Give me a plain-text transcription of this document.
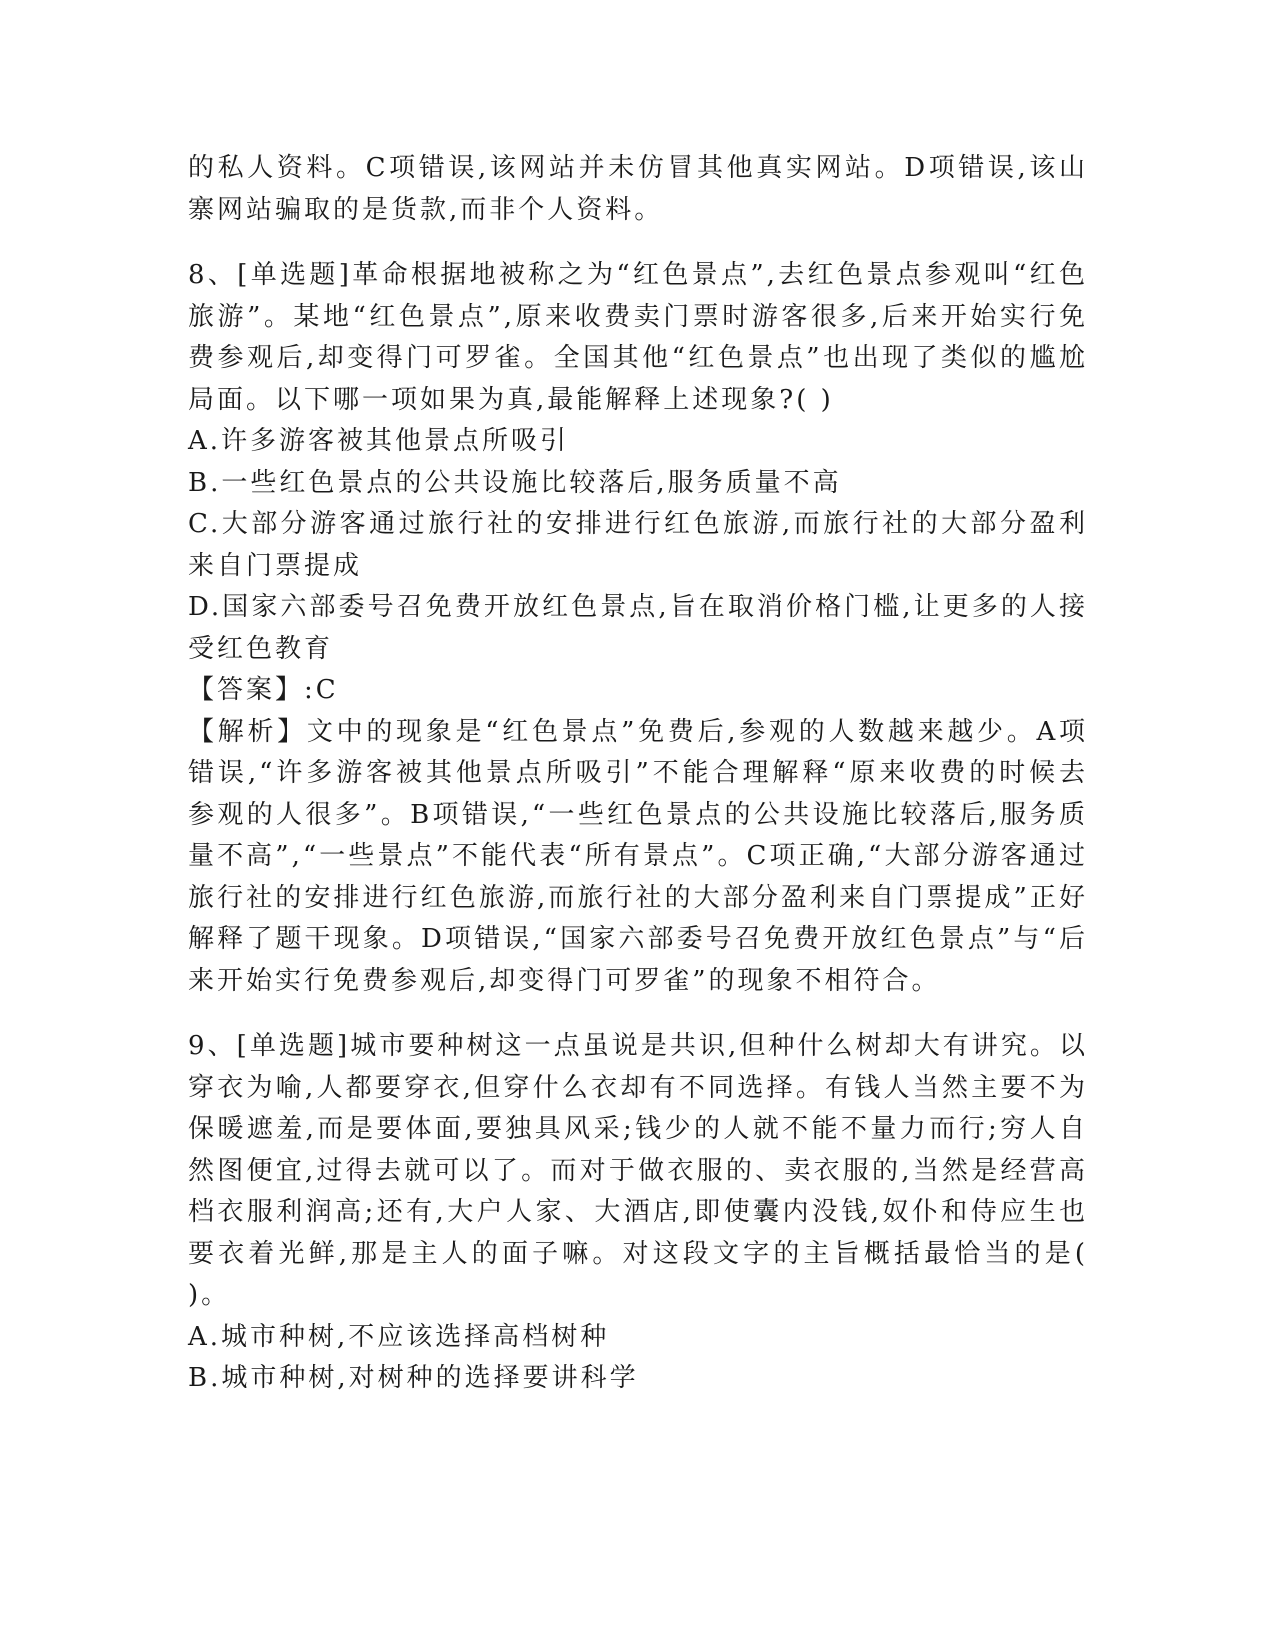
的私人资料。C项错误,该网站并未仿冒其他真实网站。D项错误,该山寨网站骗取的是货款,而非个人资料。

8、[单选题]革命根据地被称之为“红色景点”,去红色景点参观叫“红色旅游”。某地“红色景点”,原来收费卖门票时游客很多,后来开始实行免费参观后,却变得门可罗雀。全国其他“红色景点”也出现了类似的尴尬局面。以下哪一项如果为真,最能解释上述现象?( )

A.许多游客被其他景点所吸引

B.一些红色景点的公共设施比较落后,服务质量不高

C.大部分游客通过旅行社的安排进行红色旅游,而旅行社的大部分盈利来自门票提成

D.国家六部委号召免费开放红色景点,旨在取消价格门槛,让更多的人接受红色教育

【答案】:C

【解析】文中的现象是“红色景点”免费后,参观的人数越来越少。A项错误,“许多游客被其他景点所吸引”不能合理解释“原来收费的时候去参观的人很多”。B项错误,“一些红色景点的公共设施比较落后,服务质量不高”,“一些景点”不能代表“所有景点”。C项正确,“大部分游客通过旅行社的安排进行红色旅游,而旅行社的大部分盈利来自门票提成”正好解释了题干现象。D项错误,“国家六部委号召免费开放红色景点”与“后来开始实行免费参观后,却变得门可罗雀”的现象不相符合。

9、[单选题]城市要种树这一点虽说是共识,但种什么树却大有讲究。以穿衣为喻,人都要穿衣,但穿什么衣却有不同选择。有钱人当然主要不为保暖遮羞,而是要体面,要独具风采;钱少的人就不能不量力而行;穷人自然图便宜,过得去就可以了。而对于做衣服的、卖衣服的,当然是经营高档衣服利润高;还有,大户人家、大酒店,即使囊内没钱,奴仆和侍应生也要衣着光鲜,那是主人的面子嘛。对这段文字的主旨概括最恰当的是( )。

A.城市种树,不应该选择高档树种

B.城市种树,对树种的选择要讲科学
